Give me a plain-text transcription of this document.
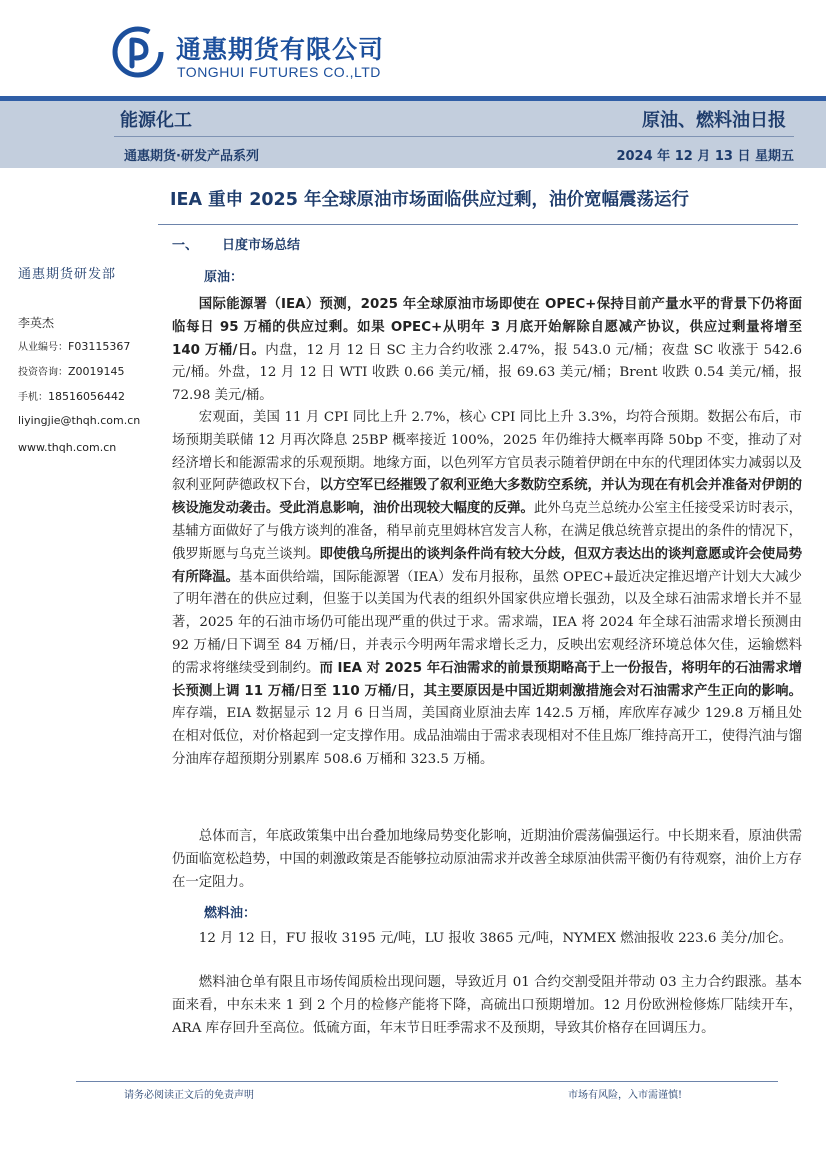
通惠期货有限公司
TONGHUI FUTURES CO.,LTD
能源化工	原油、燃料油日报
通惠期货·研发产品系列	2024 年 12 月 13 日 星期五
IEA 重申 2025 年全球原油市场面临供应过剩，油价宽幅震荡运行
通惠期货研发部
李英杰
从业编号：F03115367
投资咨询：Z0019145
手机：18516056442
liyingjie@thqh.com.cn
www.thqh.com.cn
一、 日度市场总结
原油：

国际能源署（IEA）预测，2025 年全球原油市场即使在 OPEC+保持目前产量水平的背景下仍将面临每日 95 万桶的供应过剩。如果 OPEC+从明年 3 月底开始解除自愿减产协议，供应过剩量将增至 140 万桶/日。内盘，12 月 12 日 SC 主力合约收涨 2.47%，报 543.0 元/桶；夜盘 SC 收涨于 542.6 元/桶。外盘，12 月 12 日 WTI 收跌 0.66 美元/桶，报 69.63 美元/桶；Brent 收跌 0.54 美元/桶，报 72.98 美元/桶。

宏观面，美国 11 月 CPI 同比上升 2.7%，核心 CPI 同比上升 3.3%，均符合预期。数据公布后，市场预期美联储 12 月再次降息 25BP 概率接近 100%，2025 年仍维持大概率再降 50bp 不变，推动了对经济增长和能源需求的乐观预期。地缘方面，以色列军方官员表示随着伊朗在中东的代理团体实力减弱以及叙利亚阿萨德政权下台，以方空军已经摧毁了叙利亚绝大多数防空系统，并认为现在有机会并准备对伊朗的核设施发动袭击。受此消息影响，油价出现较大幅度的反弹。此外乌克兰总统办公室主任接受采访时表示，基辅方面做好了与俄方谈判的准备，稍早前克里姆林宫发言人称，在满足俄总统普京提出的条件的情况下，俄罗斯愿与乌克兰谈判。即使俄乌所提出的谈判条件尚有较大分歧，但双方表达出的谈判意愿或许会使局势有所降温。基本面供给端，国际能源署（IEA）发布月报称，虽然 OPEC+最近决定推迟增产计划大大减少了明年潜在的供应过剩，但鉴于以美国为代表的组织外国家供应增长强劲，以及全球石油需求增长并不显著，2025 年的石油市场仍可能出现严重的供过于求。需求端，IEA 将 2024 年全球石油需求增长预测由 92 万桶/日下调至 84 万桶/日，并表示今明两年需求增长乏力，反映出宏观经济环境总体欠佳，运输燃料的需求将继续受到制约。而 IEA 对 2025 年石油需求的前景预期略高于上一份报告，将明年的石油需求增长预测上调 11 万桶/日至 110 万桶/日，其主要原因是中国近期刺激措施会对石油需求产生正向的影响。库存端，EIA 数据显示 12 月 6 日当周，美国商业原油去库 142.5 万桶，库欣库存减少 129.8 万桶且处在相对低位，对价格起到一定支撑作用。成品油端由于需求表现相对不佳且炼厂维持高开工，使得汽油与馏分油库存超预期分别累库 508.6 万桶和 323.5 万桶。

总体而言，年底政策集中出台叠加地缘局势变化影响，近期油价震荡偏强运行。中长期来看，原油供需仍面临宽松趋势，中国的刺激政策是否能够拉动原油需求并改善全球原油供需平衡仍有待观察，油价上方存在一定阻力。

燃料油：

12 月 12 日，FU 报收 3195 元/吨，LU 报收 3865 元/吨，NYMEX 燃油报收 223.6 美分/加仑。

燃料油仓单有限且市场传闻质检出现问题，导致近月 01 合约交割受阻并带动 03 主力合约跟涨。基本面来看，中东未来 1 到 2 个月的检修产能将下降，高硫出口预期增加。12 月份欧洲检修炼厂陆续开车， ARA 库存回升至高位。低硫方面，年末节日旺季需求不及预期，导致其价格存在回调压力。

请务必阅读正文后的免责声明	市场有风险，入市需谨慎!
